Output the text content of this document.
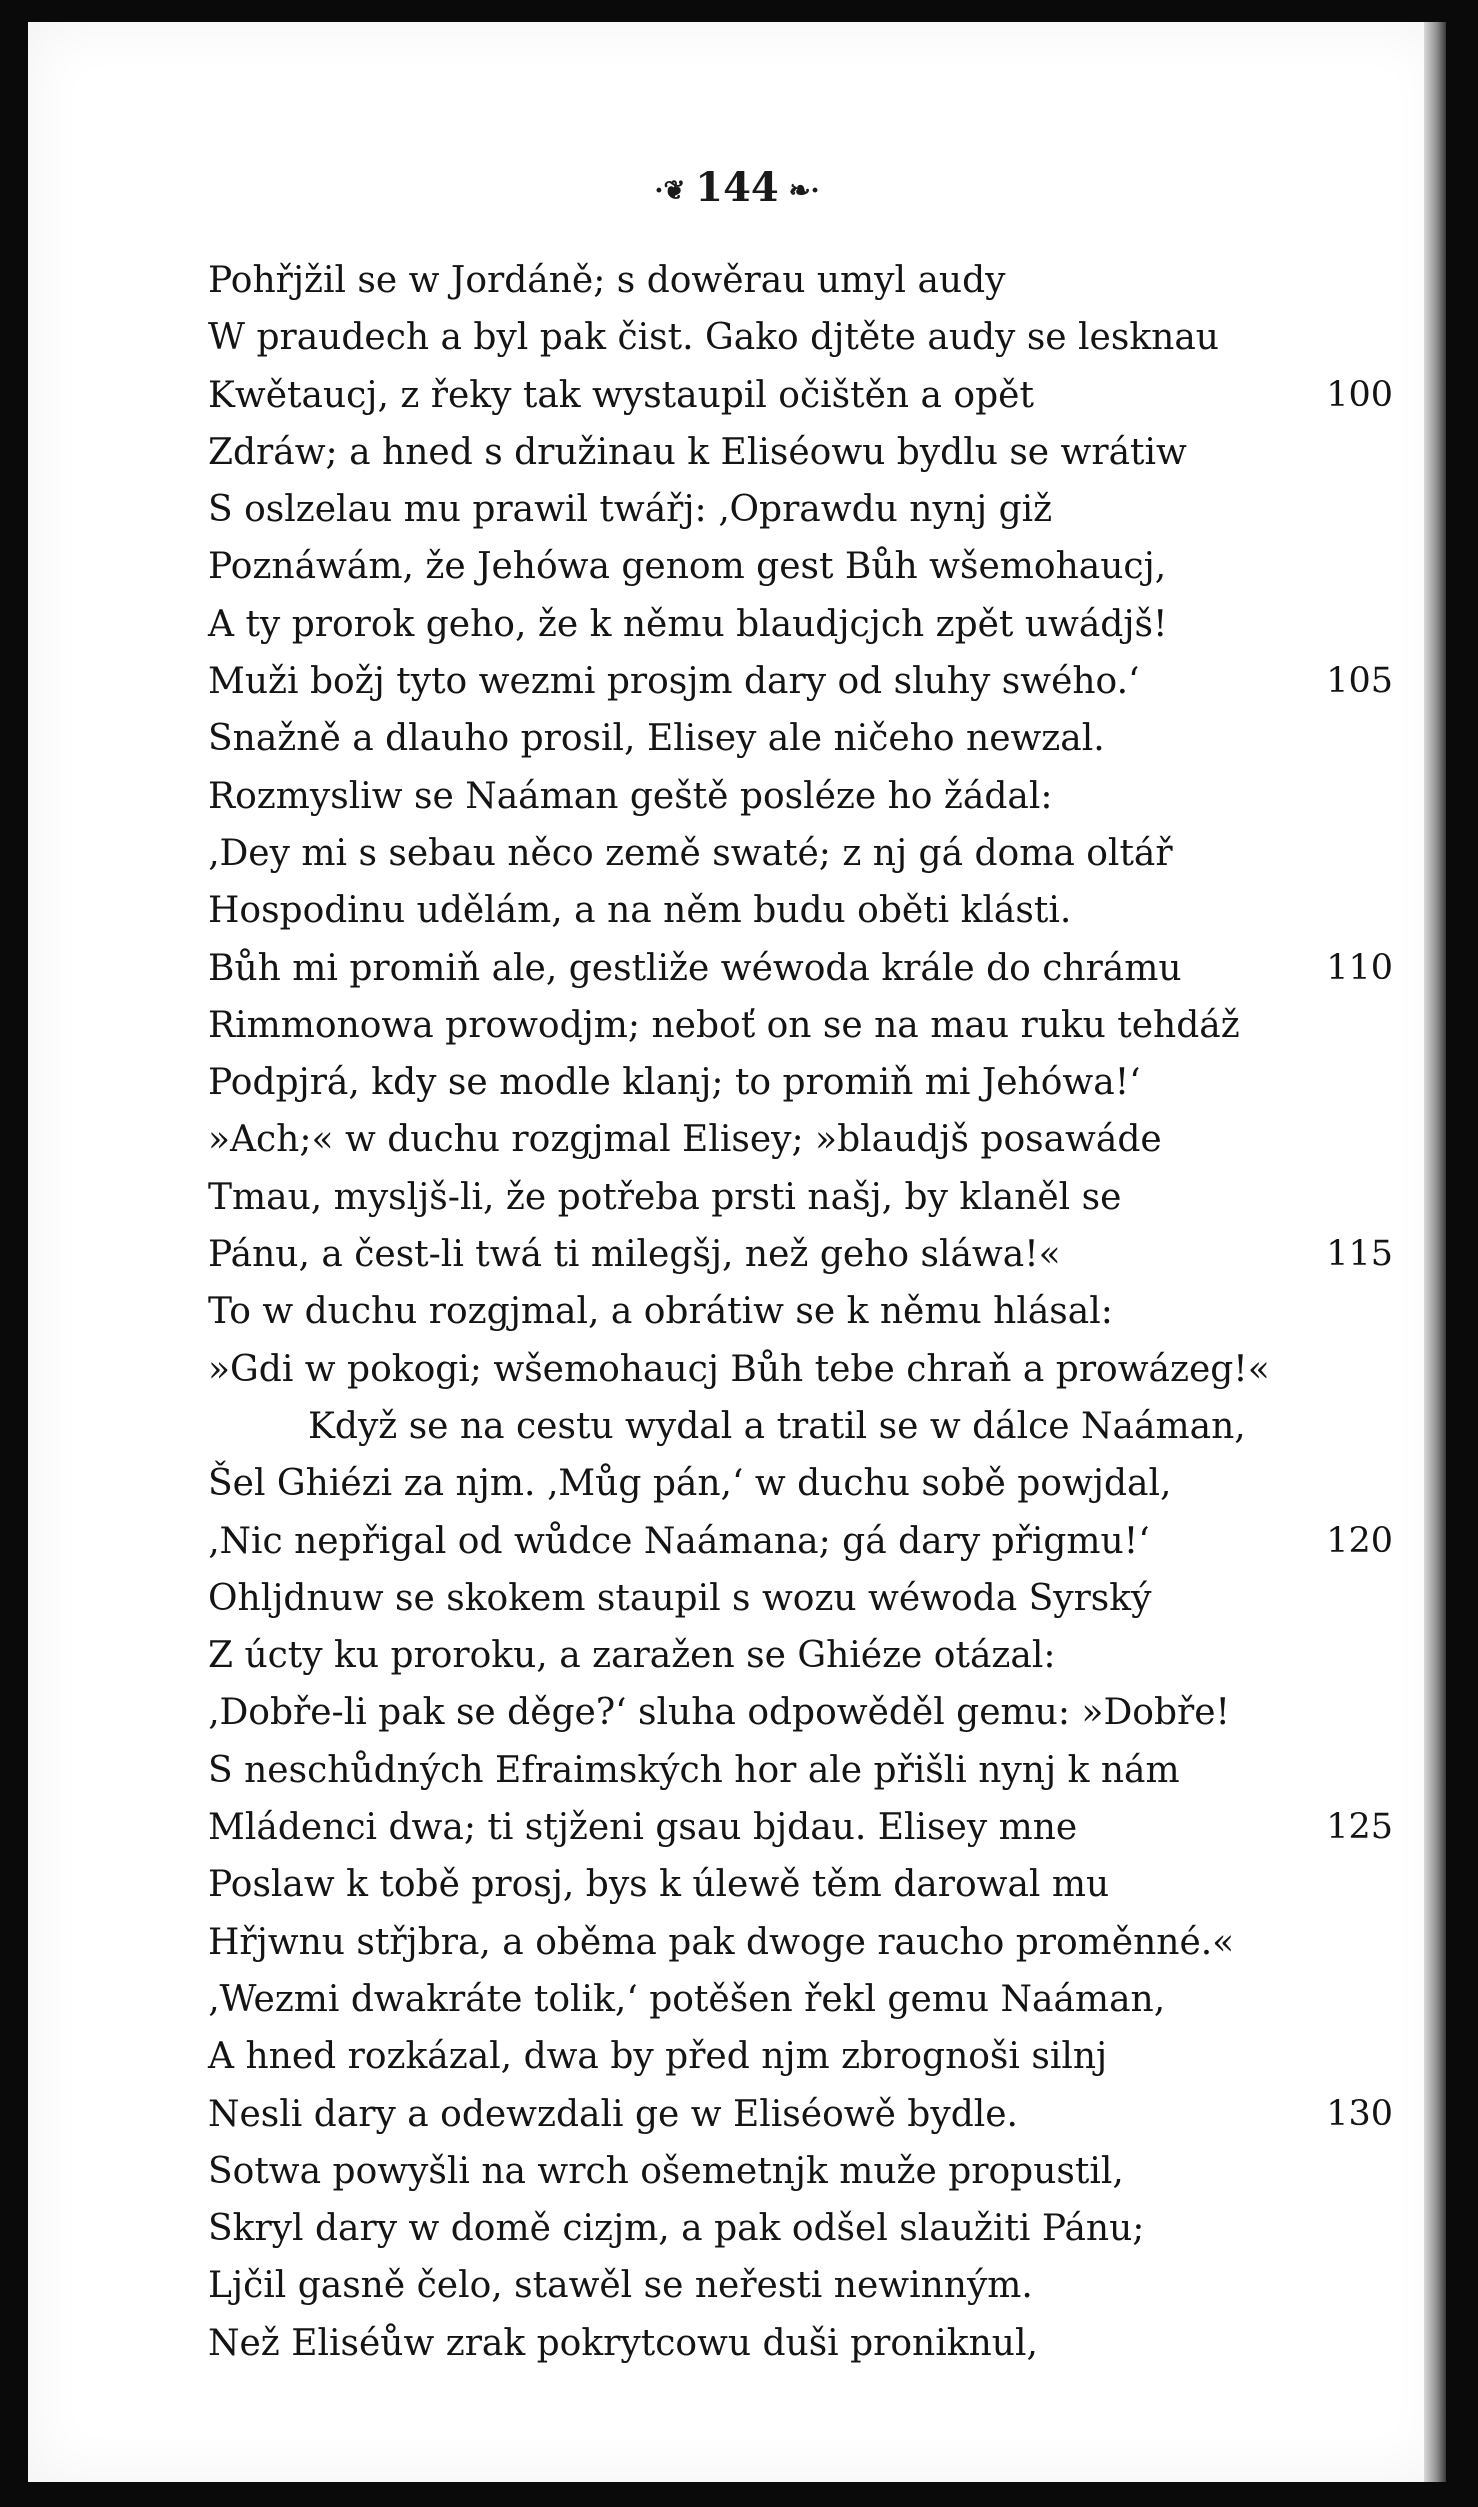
·❦ 144 ❧·
Pohřjžil se w Jordáně; s dowěrau umyl audy
W praudech a byl pak čist. Gako djtěte audy se lesknau
Kwětaucj, z řeky tak wystaupil očištěn a opět	100
Zdráw; a hned s družinau k Eliséowu bydlu se wrátiw
S oslzelau mu prawil twářj: ‚Oprawdu nynj giž
Poznáwám, že Jehówa genom gest Bůh wšemohaucj,
A ty prorok geho, že k němu blaudjcjch zpět uwádjš!
Muži božj tyto wezmi prosjm dary od sluhy swého.‘	105
Snažně a dlauho prosil, Elisey ale ničeho newzal.
Rozmysliw se Naáman geště posléze ho žádal:
‚Dey mi s sebau něco země swaté; z nj gá doma oltář
Hospodinu udělám, a na něm budu oběti klásti.
Bůh mi promiň ale, gestliže wéwoda krále do chrámu	110
Rimmonowa prowodjm; neboť on se na mau ruku tehdáž
Podpjrá, kdy se modle klanj; to promiň mi Jehówa!‘
»Ach;« w duchu rozgjmal Elisey; »blaudjš posawáde
Tmau, mysljš-li, že potřeba prsti našj, by klaněl se
Pánu, a čest-li twá ti milegšj, než geho sláwa!«	115
To w duchu rozgjmal, a obrátiw se k němu hlásal:
»Gdi w pokogi; wšemohaucj Bůh tebe chraň a prowázeg!«
Když se na cestu wydal a tratil se w dálce Naáman,
Šel Ghiézi za njm. ‚Můg pán,‘ w duchu sobě powjdal,
‚Nic nepřigal od wůdce Naámana; gá dary přigmu!‘	120
Ohljdnuw se skokem staupil s wozu wéwoda Syrský
Z úcty ku proroku, a zaražen se Ghiéze otázal:
‚Dobře-li pak se děge?‘ sluha odpowěděl gemu: »Dobře!
S neschůdných Efraimských hor ale přišli nynj k nám
Mládenci dwa; ti stjženi gsau bjdau. Elisey mne	125
Poslaw k tobě prosj, bys k úlewě těm darowal mu
Hřjwnu střjbra, a oběma pak dwoge raucho proměnné.«
‚Wezmi dwakráte tolik,‘ potěšen řekl gemu Naáman,
A hned rozkázal, dwa by před njm zbrognoši silnj
Nesli dary a odewzdali ge w Eliséowě bydle.	130
Sotwa powyšli na wrch ošemetnjk muže propustil,
Skryl dary w domě cizjm, a pak odšel slaužiti Pánu;
Ljčil gasně čelo, stawěl se neřesti newinným.
Než Eliséůw zrak pokrytcowu duši proniknul,
